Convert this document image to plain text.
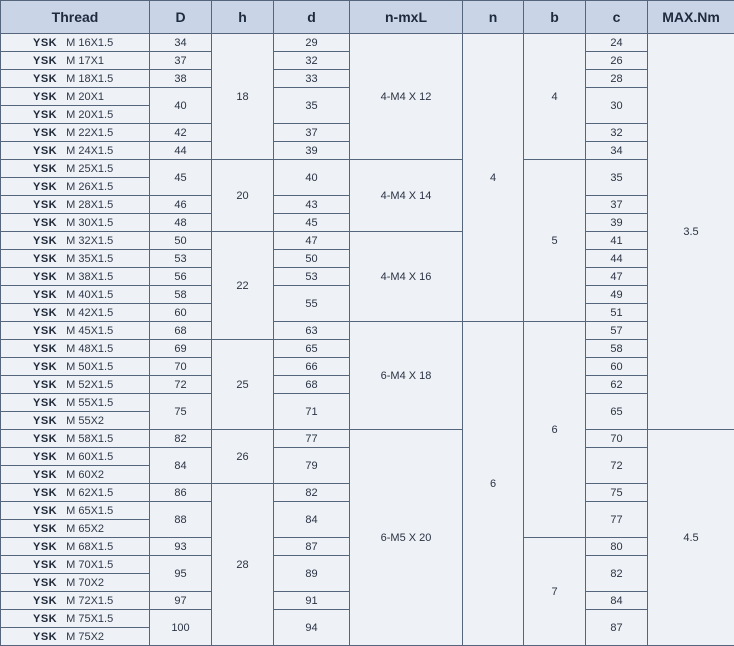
Thread	D	h	d	n-mxL	n	b	c	MAX.Nm
YSK M 16X1.5	34	18	29	4-M4 X 12	4	4	24	3.5
YSK M 17X1	37		32				26	
YSK M 18X1.5	38		33				28	
YSK M 20X1	40		35				30	
YSK M 20X1.5								
YSK M 22X1.5	42		37				32	
YSK M 24X1.5	44		39				34	
YSK M 25X1.5	45	20	40	4-M4 X 14		5	35	
YSK M 26X1.5								
YSK M 28X1.5	46		43				37	
YSK M 30X1.5	48		45				39	
YSK M 32X1.5	50	22	47	4-M4 X 16			41	
YSK M 35X1.5	53		50				44	
YSK M 38X1.5	56		53				47	
YSK M 40X1.5	58		55				49	
YSK M 42X1.5	60						51	
YSK M 45X1.5	68		63	6-M4 X 18	6	6	57	
YSK M 48X1.5	69	25	65				58	
YSK M 50X1.5	70		66				60	
YSK M 52X1.5	72		68				62	
YSK M 55X1.5	75		71				65	
YSK M 55X2								
YSK M 58X1.5	82	26	77	6-M5 X 20			70	4.5
YSK M 60X1.5	84		79				72	
YSK M 60X2								
YSK M 62X1.5	86	28	82				75	
YSK M 65X1.5	88		84				77	
YSK M 65X2								
YSK M 68X1.5	93		87			7	80	
YSK M 70X1.5	95		89				82	
YSK M 70X2								
YSK M 72X1.5	97		91				84	
YSK M 75X1.5	100		94				87	
YSK M 75X2								
